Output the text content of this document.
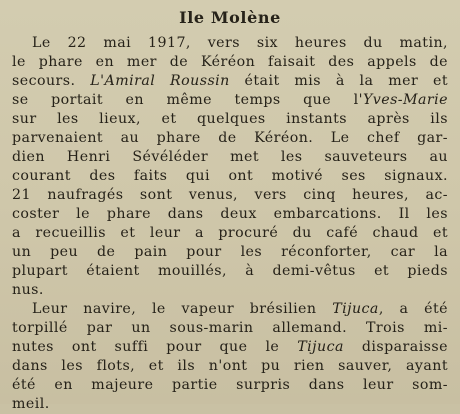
Ile Molène
Le 22 mai 1917, vers six heures du matin,
le phare en mer de Kéréon faisait des appels de
secours. L'Amiral Roussin était mis à la mer et
se portait en même temps que l'Yves-Marie
sur les lieux, et quelques instants après ils
parvenaient au phare de Kéréon. Le chef gar-
dien Henri Sévéléder met les sauveteurs au
courant des faits qui ont motivé ses signaux.
21 naufragés sont venus, vers cinq heures, ac-
coster le phare dans deux embarcations. Il les
a recueillis et leur a procuré du café chaud et
un peu de pain pour les réconforter, car la
plupart étaient mouillés, à demi-vêtus et pieds
nus.
Leur navire, le vapeur brésilien Tijuca, a été
torpillé par un sous-marin allemand. Trois mi-
nutes ont suffi pour que le Tijuca disparaisse
dans les flots, et ils n'ont pu rien sauver, ayant
été en majeure partie surpris dans leur som-
meil.
